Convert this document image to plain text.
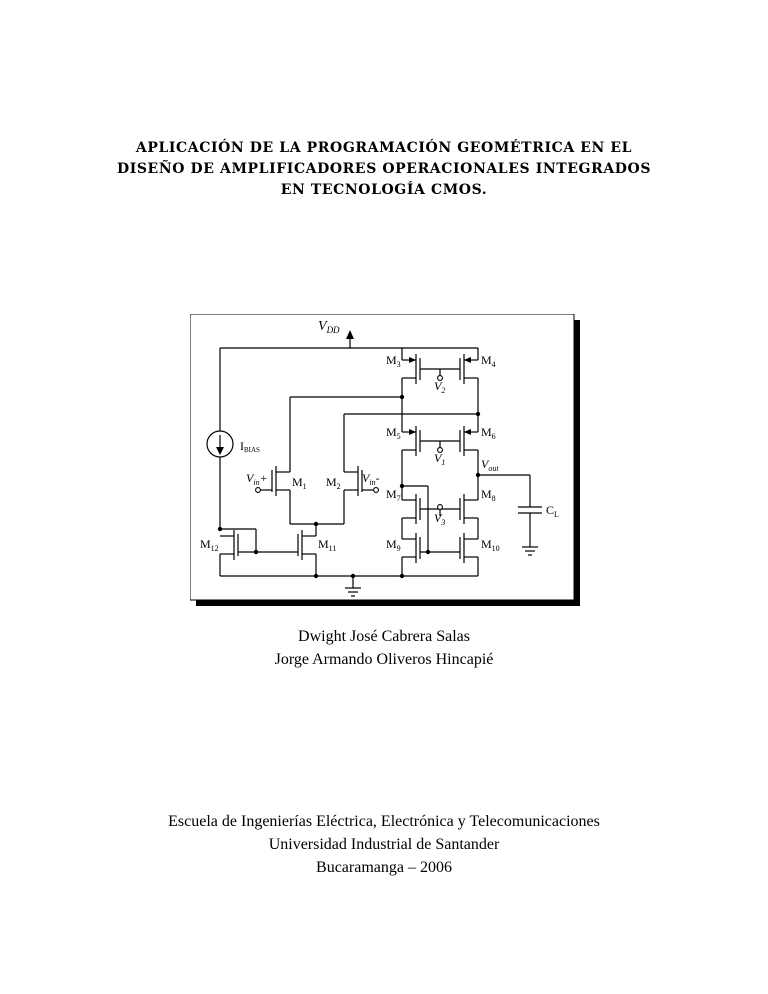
APLICACIÓN DE LA PROGRAMACIÓN GEOMÉTRICA EN EL
DISEÑO DE AMPLIFICADORES OPERACIONALES INTEGRADOS
EN TECNOLOGÍA CMOS.
$V_{DD}$
$M_3$	$M_4$
$V_2$
$M_5$	$M_6$
$V_1$	$V_{out}$
IBIAS
$V_{in}+ M_1$ $M_2$
$V_{in}-$
$M_7$	$M_8$
$C_L$
$V_3$
$M_{12}$	$M_{11}$	$M_9$	$M_{10}$
Dwight José Cabrera Salas
Jorge Armando Oliveros Hincapié
Escuela de Ingenierías Eléctrica, Electrónica y Telecomunicaciones
Universidad Industrial de Santander
Bucaramanga – 2006
